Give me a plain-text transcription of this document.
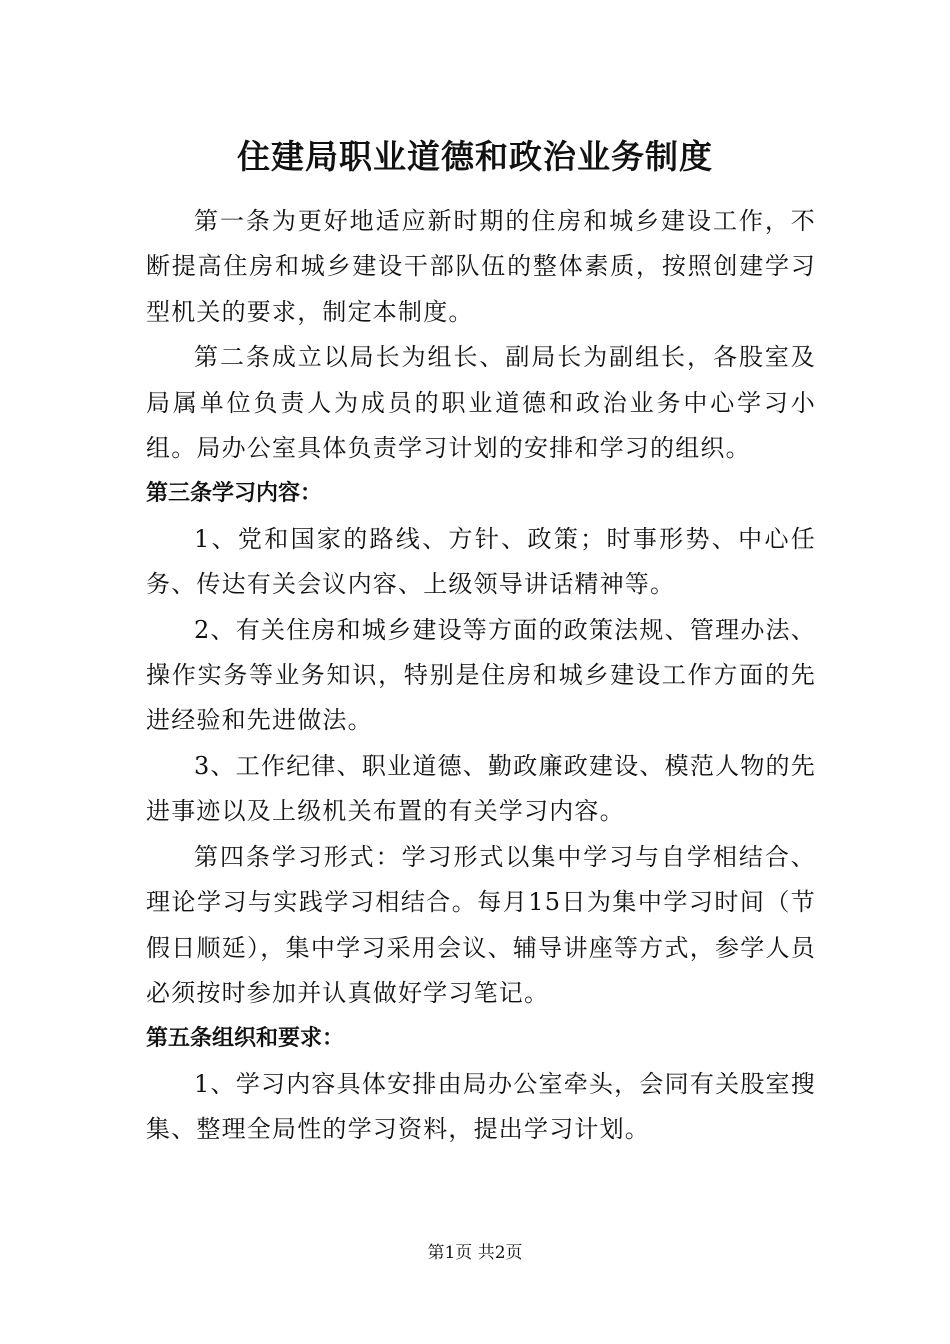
住建局职业道德和政治业务制度

第一条为更好地适应新时期的住房和城乡建设工作，不断提高住房和城乡建设干部队伍的整体素质，按照创建学习型机关的要求，制定本制度。

第二条成立以局长为组长、副局长为副组长，各股室及局属单位负责人为成员的职业道德和政治业务中心学习小组。局办公室具体负责学习计划的安排和学习的组织。

第三条学习内容：

1、党和国家的路线、方针、政策；时事形势、中心任务、传达有关会议内容、上级领导讲话精神等。

2、有关住房和城乡建设等方面的政策法规、管理办法、操作实务等业务知识，特别是住房和城乡建设工作方面的先进经验和先进做法。

3、工作纪律、职业道德、勤政廉政建设、模范人物的先进事迹以及上级机关布置的有关学习内容。

第四条学习形式：学习形式以集中学习与自学相结合、理论学习与实践学习相结合。每月15日为集中学习时间（节假日顺延），集中学习采用会议、辅导讲座等方式，参学人员必须按时参加并认真做好学习笔记。

第五条组织和要求：

1、学习内容具体安排由局办公室牵头，会同有关股室搜集、整理全局性的学习资料，提出学习计划。

第1页 共2页
